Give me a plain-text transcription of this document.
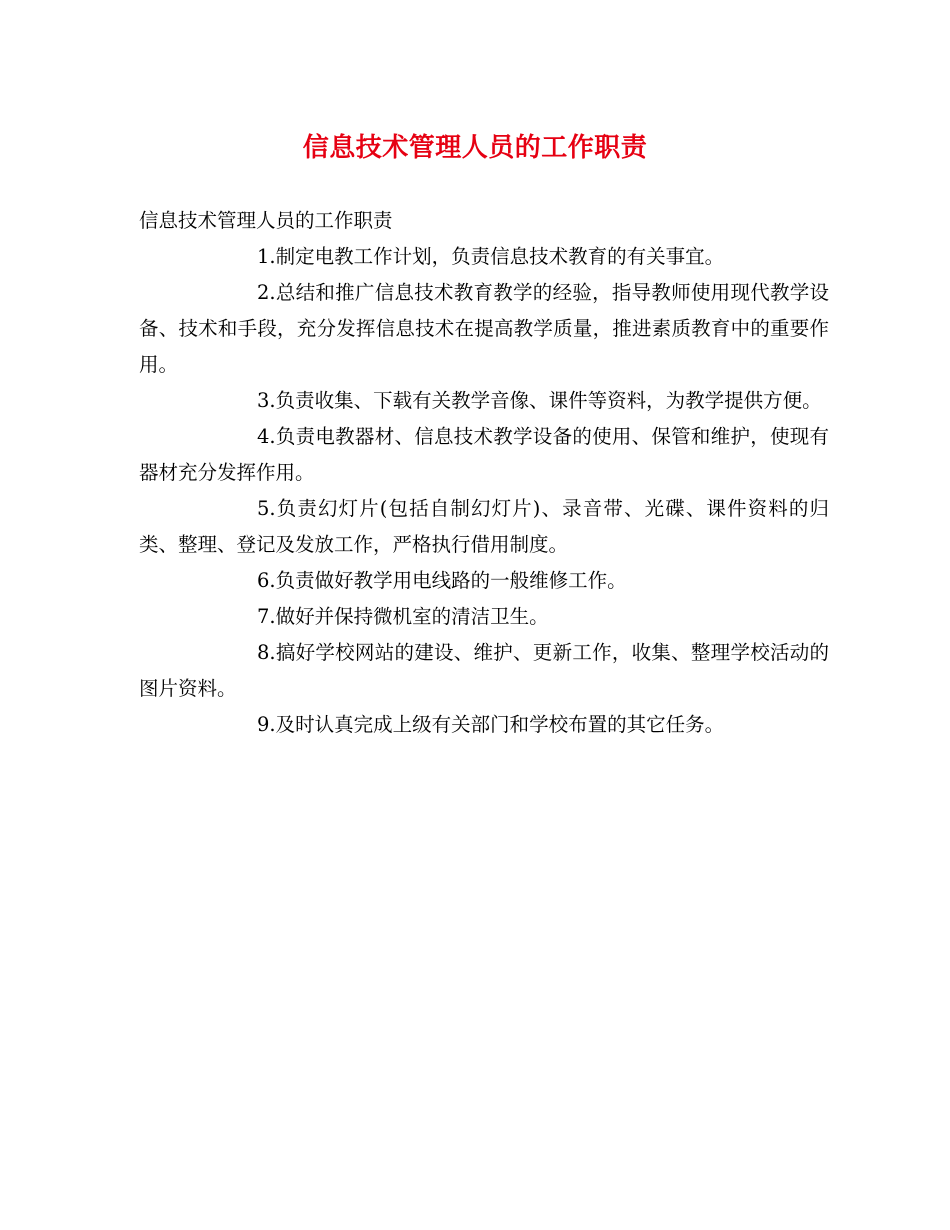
信息技术管理人员的工作职责

信息技术管理人员的工作职责

1.制定电教工作计划，负责信息技术教育的有关事宜。

2.总结和推广信息技术教育教学的经验，指导教师使用现代教学设备、技术和手段，充分发挥信息技术在提高教学质量，推进素质教育中的重要作用。

3.负责收集、下载有关教学音像、课件等资料，为教学提供方便。

4.负责电教器材、信息技术教学设备的使用、保管和维护，使现有器材充分发挥作用。

5.负责幻灯片(包括自制幻灯片)、录音带、光碟、课件资料的归类、整理、登记及发放工作，严格执行借用制度。

6.负责做好教学用电线路的一般维修工作。

7.做好并保持微机室的清洁卫生。

8.搞好学校网站的建设、维护、更新工作，收集、整理学校活动的图片资料。

9.及时认真完成上级有关部门和学校布置的其它任务。
